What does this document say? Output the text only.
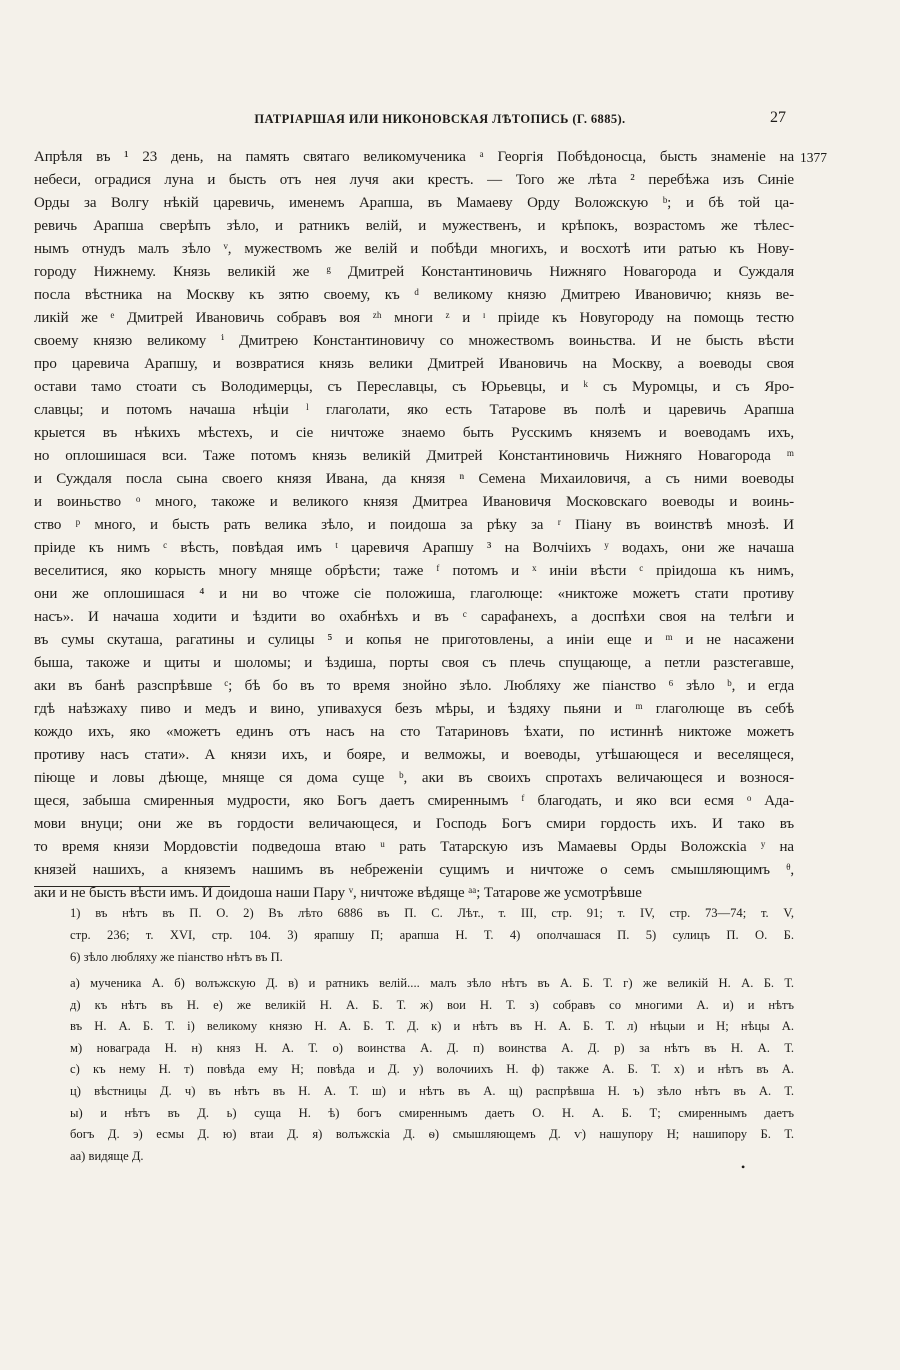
ПАТРІАРШАЯ ИЛИ НИКОНОВСКАЯ ЛѢТОПИСЬ (Г. 6885).	27
1377
Апрѣля въ ¹ 23 день, на память святаго великомученика ᵃ Георгія Побѣдоносца, бысть знаменіе на
небеси, оградися луна и бысть отъ нея лучя аки крестъ. — Того же лѣта ² перебѣжа изъ Синіе
Орды за Волгу нѣкій царевичь, именемъ Арапша, въ Мамаеву Орду Воложскую ᵇ; и бѣ той ца-
ревичь Арапша сверѣпъ зѣло, и ратникъ велій, и мужественъ, и крѣпокъ, возрастомъ же тѣлес-
нымъ отнудъ малъ зѣло ᵛ, мужествомъ же велій и побѣди многихъ, и восхотѣ ити ратью къ Нову-
городу Нижнему. Князь великій же ᵍ Дмитрей Константиновичь Нижняго Новагорода и Суждаля
посла вѣстника на Москву къ зятю своему, къ ᵈ великому князю Дмитрею Ивановичю; князь ве-
ликій же ᵉ Дмитрей Ивановичь собравъ воя ᶻʰ многи ᶻ и ᶦ пріиде къ Новугороду на помощь тестю
своему князю великому ⁱ Дмитрею Константиновичу со множествомъ воиньства. И не бысть вѣсти
про царевича Арапшу, и возвратися князь велики Дмитрей Ивановичь на Москву, а воеводы своя
остави тамо стоати съ Володимерцы, съ Переславцы, съ Юрьевцы, и ᵏ съ Муромцы, и съ Яро-
славцы; и потомъ начаша нѣціи ˡ глаголати, яко есть Татарове въ полѣ и царевичь Арапша
крыется въ нѣкихъ мѣстехъ, и сіе ничтоже знаемо быть Русскимъ княземъ и воеводамъ ихъ,
но оплошишася вси. Таже потомъ князь великій Дмитрей Константиновичь Нижняго Новагорода ᵐ
и Суждаля посла сына своего князя Ивана, да князя ⁿ Семена Михаиловичя, а съ ними воеводы
и воиньство ᵒ много, такоже и великого князя Дмитреа Ивановичя Московскаго воеводы и воинь-
ство ᵖ много, и бысть рать велика зѣло, и поидоша за рѣку за ʳ Піану въ воинствѣ мнозѣ. И
пріиде къ нимъ ᶜ вѣсть, повѣдая имъ ᵗ царевичя Арапшу ³ на Волчіихъ ʸ водахъ, они же начаша
веселитися, яко корысть многу мняще обрѣсти; таже ᶠ потомъ и ˣ иніи вѣсти ᶜ пріидоша къ нимъ,
они же оплошишася ⁴ и ни во чтоже сіе положиша, глаголюще: «никтоже можетъ стати противу
насъ». И начаша ходити и ѣздити во охабнѣхъ и въ ᶜ сарафанехъ, а доспѣхи своя на телѣги и
въ сумы скуташа, рагатины и сулицы ⁵ и копья не приготовлены, а иніи еще и ᵐ и не насажени
быша, такоже и щиты и шоломы; и ѣздиша, порты своя съ плечь спущающе, а петли разстегавше,
аки въ банѣ разспрѣвше ᶜ; бѣ бо въ то время знойно зѣло. Любляху же піанство ⁶ зѣло ᵇ, и егда
гдѣ наѣзжаху пиво и медъ и вино, упивахуся безъ мѣры, и ѣздяху пьяни и ᵐ глаголюще въ себѣ
кождо ихъ, яко «можетъ единъ отъ насъ на сто Татариновъ ѣхати, по истиннѣ никтоже можетъ
противу насъ стати». А князи ихъ, и бояре, и велможы, и воеводы, утѣшающеся и веселящеся,
піюще и ловы дѣюще, мняще ся дома суще ᵇ, аки въ своихъ спротахъ величающеся и вознося-
щеся, забыша смиренныя мудрости, яко Богъ даетъ смиреннымъ ᶠ благодать, и яко вси есмя ᵒ Ада-
мови внуци; они же въ гордости величающеся, и Господь Богъ смири гордость ихъ. И тако въ
то время князи Мордовстіи подведоша втаю ᵘ рать Татарскую изъ Мамаевы Орды Воложскіа ʸ на
князей нашихъ, а княземъ нашимъ въ небреженіи сущимъ и ничтоже о семъ смышляющимъ ᶿ,
аки и не бысть вѣсти имъ. И доидоша наши Пару ᵛ, ничтоже вѣдяще ᵃᵃ; Татарове же усмотрѣвше
1) въ нѣтъ въ П. О. 2) Въ лѣто 6886 въ П. С. Лѣт., т. III, стр. 91; т. IV, стр. 73—74; т. V,
стр. 236; т. XVI, стр. 104. 3) ярапшу П; арапша Н. Т. 4) ополчашася П. 5) сулицъ П. О. Б.
6) зѣло любляху же піанство нѣтъ въ П.
а) мученика А. б) волъжскую Д. в) и ратникъ велій.... малъ зѣло нѣтъ въ А. Б. Т. г) же великій Н. А. Б. Т.
д) къ нѣтъ въ Н. е) же великій Н. А. Б. Т. ж) вои Н. Т. з) собравъ со многими А. и) и нѣтъ
въ Н. А. Б. Т. і) великому князю Н. А. Б. Т. Д. к) и нѣтъ въ Н. А. Б. Т. л) нѣцыи и Н; нѣцы А.
м) новаграда Н. н) княз Н. А. Т. о) воинства А. Д. п) воинства А. Д. р) за нѣтъ въ Н. А. Т.
с) къ нему Н. т) повѣда ему Н; повѣда и Д. у) волочиихъ Н. ф) также А. Б. Т. х) и нѣтъ въ А.
ц) вѣстницы Д. ч) въ нѣтъ въ Н. А. Т. ш) и нѣтъ въ А. щ) распрѣвша Н. ъ) зѣло нѣтъ въ А. Т.
ы) и нѣтъ въ Д. ь) суща Н. ѣ) богъ смиреннымъ даетъ О. Н. А. Б. Т; смиреннымъ даетъ
богъ Д. э) есмы Д. ю) втаи Д. я) волъжскіа Д. ѳ) смышляющемъ Д. ѵ) нашупору Н; нашипору Б. Т.
аа) видяще Д.
•
